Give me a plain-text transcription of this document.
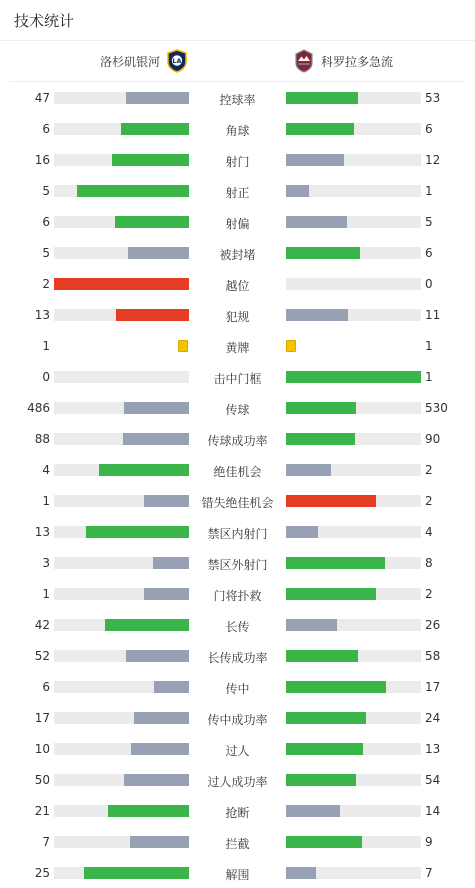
技术统计
洛杉矶银河 LA	科罗拉多急流
47	控球率	53
6	角球	6
16	射门	12
5	射正	1
6	射偏	5
5	被封堵	6
2	越位	0
13	犯规	11
1	黄牌	1
0	击中门框	1
486	传球	530
88	传球成功率	90
4	绝佳机会	2
1	错失绝佳机会	2
13	禁区内射门	4
3	禁区外射门	8
1	门将扑救	2
42	长传	26
52	长传成功率	58
6	传中	17
17	传中成功率	24
10	过人	13
50	过人成功率	54
21	抢断	14
7	拦截	9
25	解围	7
